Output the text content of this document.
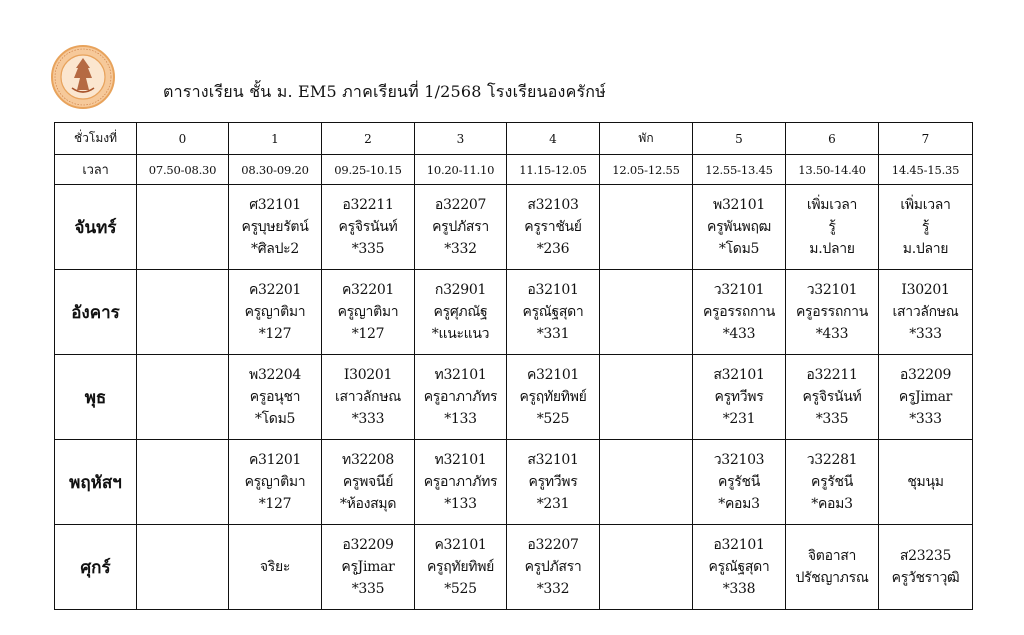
ตารางเรียน ชั้น ม. EM5 ภาคเรียนที่ 1/2568 โรงเรียนองครักษ์
ชั่วโมงที่	0	1	2	3	4	พัก	5	6	7
เวลา	07.50-08.30	08.30-09.20	09.25-10.15	10.20-11.10	11.15-12.05	12.05-12.55	12.55-13.45	13.50-14.40	14.45-15.35
จันทร์		ศ32101
ครูบุษยรัตน์
*ศิลปะ2	อ32211
ครูจิรนันท์
*335	อ32207
ครูปภัสรา
*332	ส32103
ครูราชันย์
*236		พ32101
ครูพันพฤฒ
*โดม5	เพิ่มเวลา
รู้
ม.ปลาย	เพิ่มเวลา
รู้
ม.ปลาย

อังคาร		ค32201
ครูญาติมา
*127	ค32201
ครูญาติมา
*127	ก32901
ครูศุภณัฐ
*แนะแนว	อ32101
ครูณัฐสุดา
*331		ว32101
ครูอรรถกาน
*433	ว32101
ครูอรรถกาน
*433	I30201
เสาวลักษณ
*333

พุธ		พ32204
ครูอนุชา
*โดม5	I30201
เสาวลักษณ
*333	ท32101
ครูอาภาภัทร
*133	ค32101
ครูฤทัยทิพย์
*525		ส32101
ครูทวีพร
*231	อ32211
ครูจิรนันท์
*335	อ32209
ครูJimar
*333

พฤหัสฯ		ค31201
ครูญาติมา
*127	ท32208
ครูพจนีย์
*ห้องสมุด	ท32101
ครูอาภาภัทร
*133	ส32101
ครูทวีพร
*231		ว32103
ครูรัชนี
*คอม3	ว32281
ครูรัชนี
*คอม3	ชุมนุม

ศุกร์		จริยะ	อ32209
ครูJimar
*335	ค32101
ครูฤทัยทิพย์
*525	อ32207
ครูปภัสรา
*332		อ32101
ครูณัฐสุดา
*338	จิตอาสา
ปรัชญาภรณ	ส23235
ครูวัชราวุฒิ
